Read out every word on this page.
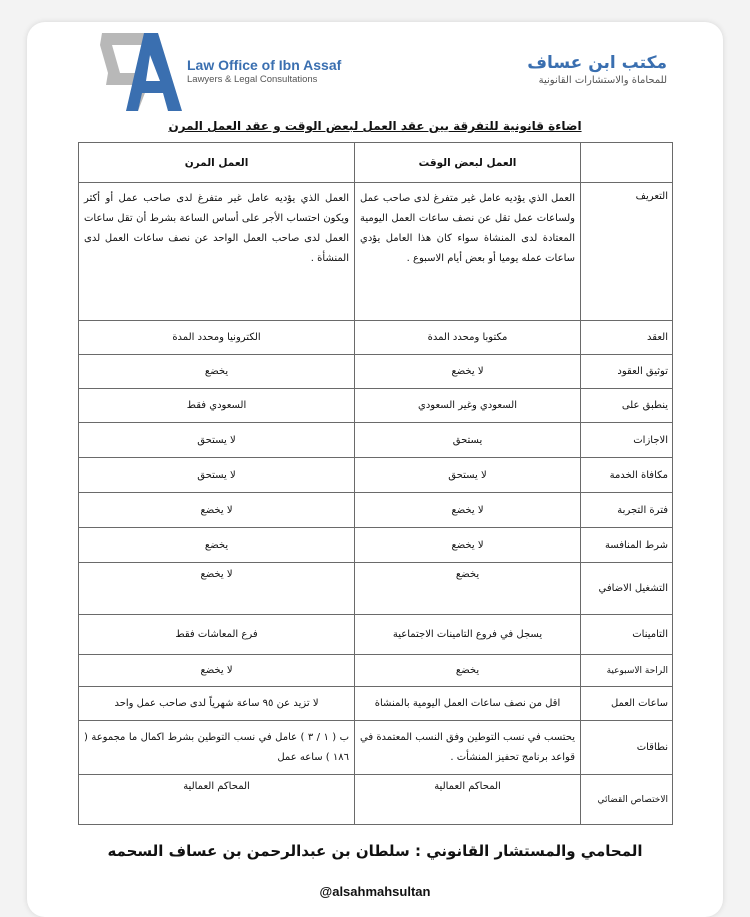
Law Office of Ibn Assaf
Lawyers & Legal Consultations
مكتب ابن عساف
للمحاماة والاستشارات القانونية
اضاءة قانونية للتفرقة بين عقد العمل لبعض الوقت و عقد العمل المرن
	العمل لبعض الوقت	العمل المرن
التعريف	العمل الذي يؤديه عامل غير متفرغ لدى صاحب عمل ولساعات عمل تقل عن نصف ساعات العمل اليومية المعتادة لدى المنشاة سواء كان هذا العامل يؤدي ساعات عمله يوميا أو بعض أيام الاسبوع .	العمل الذي يؤديه عامل غير متفرغ لدى صاحب عمل أو أكثر ويكون احتساب الأجر على أساس الساعة بشرط أن تقل ساعات العمل لدى صاحب العمل الواحد عن نصف ساعات العمل لدى المنشأة .
العقد	مكتوبا ومحدد المدة	الكترونيا ومحدد المدة
توثيق العقود	لا يخضع	يخضع
ينطبق على	السعودي وغير السعودي	السعودي فقط
الاجازات	يستحق	لا يستحق
مكافاة الخدمة	لا يستحق	لا يستحق
فترة التجربة	لا يخضع	لا يخضع
شرط المنافسة	لا يخضع	يخضع
التشغيل الاضافي	يخضع	لا يخضع
التامينات	يسجل في فروع التامينات الاجتماعية	فرع المعاشات فقط
الراحة الاسبوعية	يخضع	لا يخضع
ساعات العمل	اقل من نصف ساعات العمل اليومية بالمنشاة	لا تزيد عن ٩٥ ساعة شهرياً لدى صاحب عمل واحد
نطاقات	يحتسب في نسب التوطين وفق النسب المعتمدة في قواعد برنامج تحفيز المنشأت .	ب ( ١ / ٣ ) عامل في نسب التوطين بشرط اكمال ما مجموعة ( ١٨٦ ) ساعه عمل
الاختصاص القضائي	المحاكم العمالية	المحاكم العمالية
المحامي والمستشار القانوني : سلطان بن عبدالرحمن بن عساف السحمه
@alsahmahsultan
